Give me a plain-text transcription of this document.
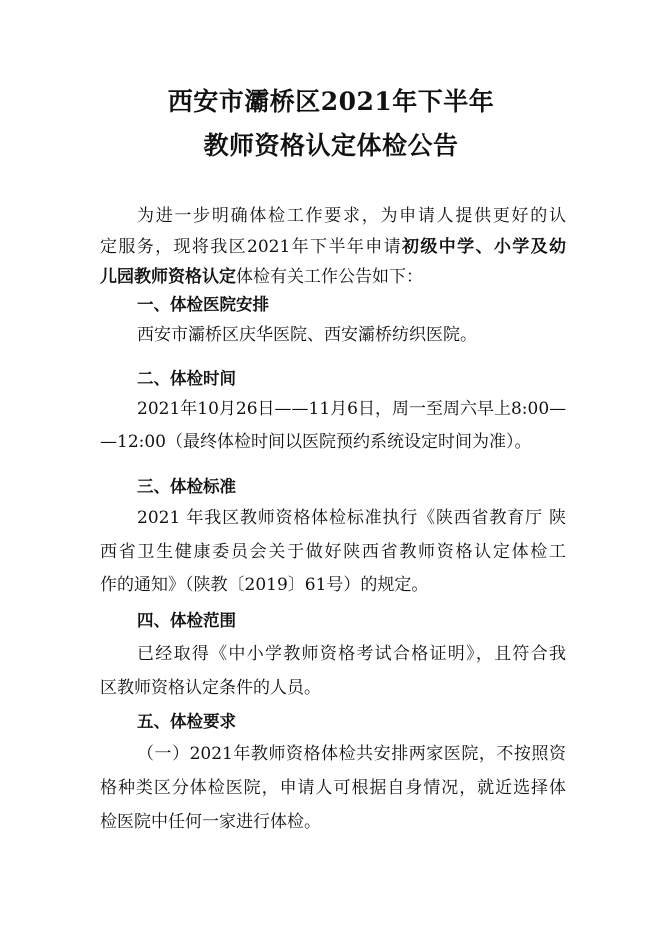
西安市灞桥区2021年下半年
教师资格认定体检公告

为进一步明确体检工作要求，为申请人提供更好的认

定服务，现将我区2021年下半年申请初级中学、小学及幼

儿园教师资格认定体检有关工作公告如下：

一、体检医院安排

西安市灞桥区庆华医院、西安灞桥纺织医院。

二、体检时间

2021年10月26日——11月6日，周一至周六早上8:00—

—12:00（最终体检时间以医院预约系统设定时间为准）。

三、体检标准

2021 年我区教师资格体检标准执行《陕西省教育厅 陕

西省卫生健康委员会关于做好陕西省教师资格认定体检工

作的通知》（陕教〔2019〕61号）的规定。

四、体检范围

已经取得《中小学教师资格考试合格证明》，且符合我

区教师资格认定条件的人员。

五、体检要求

（一）2021年教师资格体检共安排两家医院，不按照资

格种类区分体检医院，申请人可根据自身情况，就近选择体

检医院中任何一家进行体检。
